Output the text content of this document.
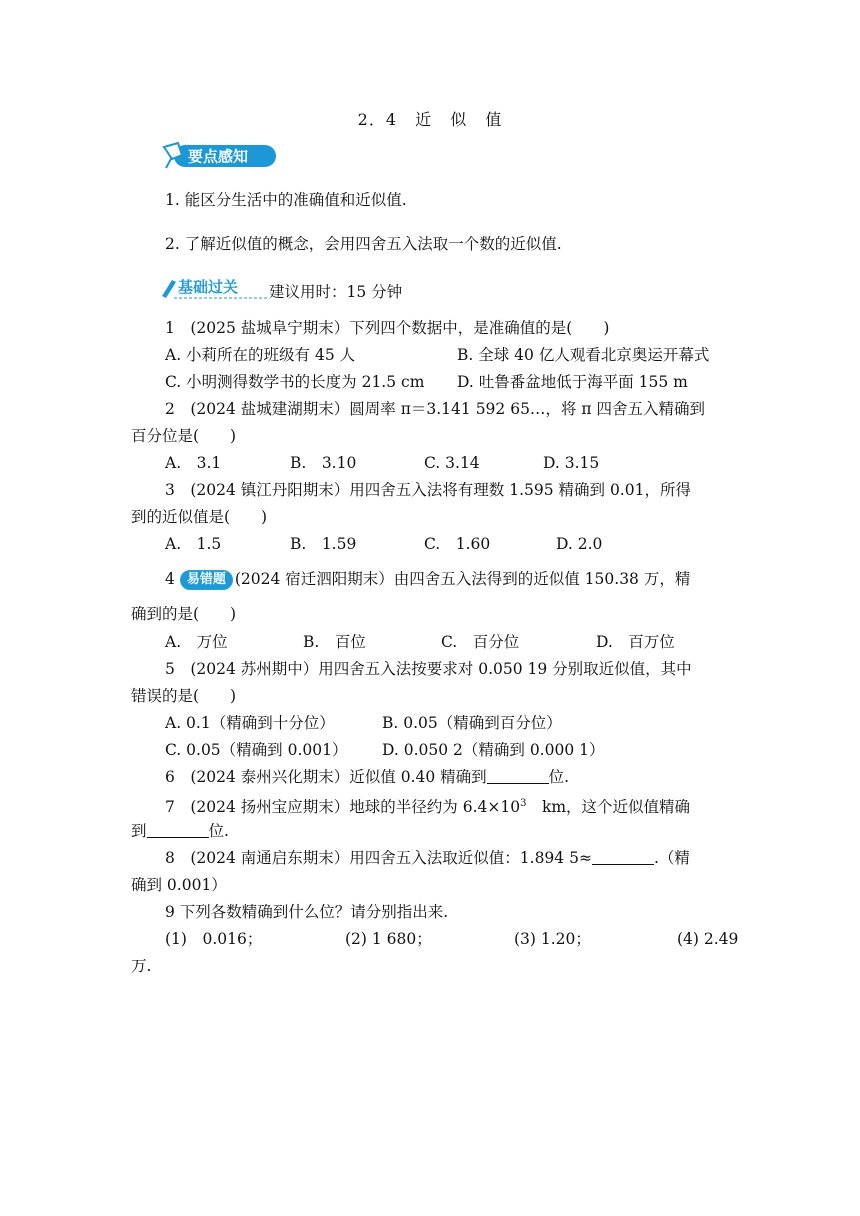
2．4 近 似 值
要点感知
1. 能区分生活中的准确值和近似值.
2. 了解近似值的概念，会用四舍五入法取一个数的近似值.
基础过关 建议用时：15 分钟
1　(2025 盐城阜宁期末）下列四个数据中，是准确值的是(　　)
A. 小莉所在的班级有 45 人	B. 全球 40 亿人观看北京奥运开幕式
C. 小明测得数学书的长度为 21.5 cm D. 吐鲁番盆地低于海平面 155 m
2　(2024 盐城建湖期末）圆周率 π＝3.141 592 65…，将 π 四舍五入精确到
百分位是(　　)
A.　3.1	B.　3.10	C. 3.14	D. 3.15
3　(2024 镇江丹阳期末）用四舍五入法将有理数 1.595 精确到 0.01，所得
到的近似值是(　　)
A.　1.5	B.　1.59	C.　1.60	D. 2.0
4 易错题 (2024 宿迁泗阳期末）由四舍五入法得到的近似值 150.38 万，精
确到的是(　　)
A.　万位	B.　百位	C.　百分位	D.　百万位
5　(2024 苏州期中）用四舍五入法按要求对 0.050 19 分别取近似值，其中
错误的是(　　)
A. 0.1（精确到十分位）	B. 0.05（精确到百分位）
C. 0.05（精确到 0.001） D. 0.050 2（精确到 0.000 1）
6　(2024 泰州兴化期末）近似值 0.40 精确到	位.
7　(2024 扬州宝应期末）地球的半径约为 $6.4\times 10^3$　km，这个近似值精确
到	位.
8　(2024 南通启东期末）用四舍五入法取近似值：1.894 5≈	.（精
确到 0.001）
9 下列各数精确到什么位？请分别指出来.
(1)　0.016；	(2) 1 680；	(3) 1.20；	(4) 2.49
万.
